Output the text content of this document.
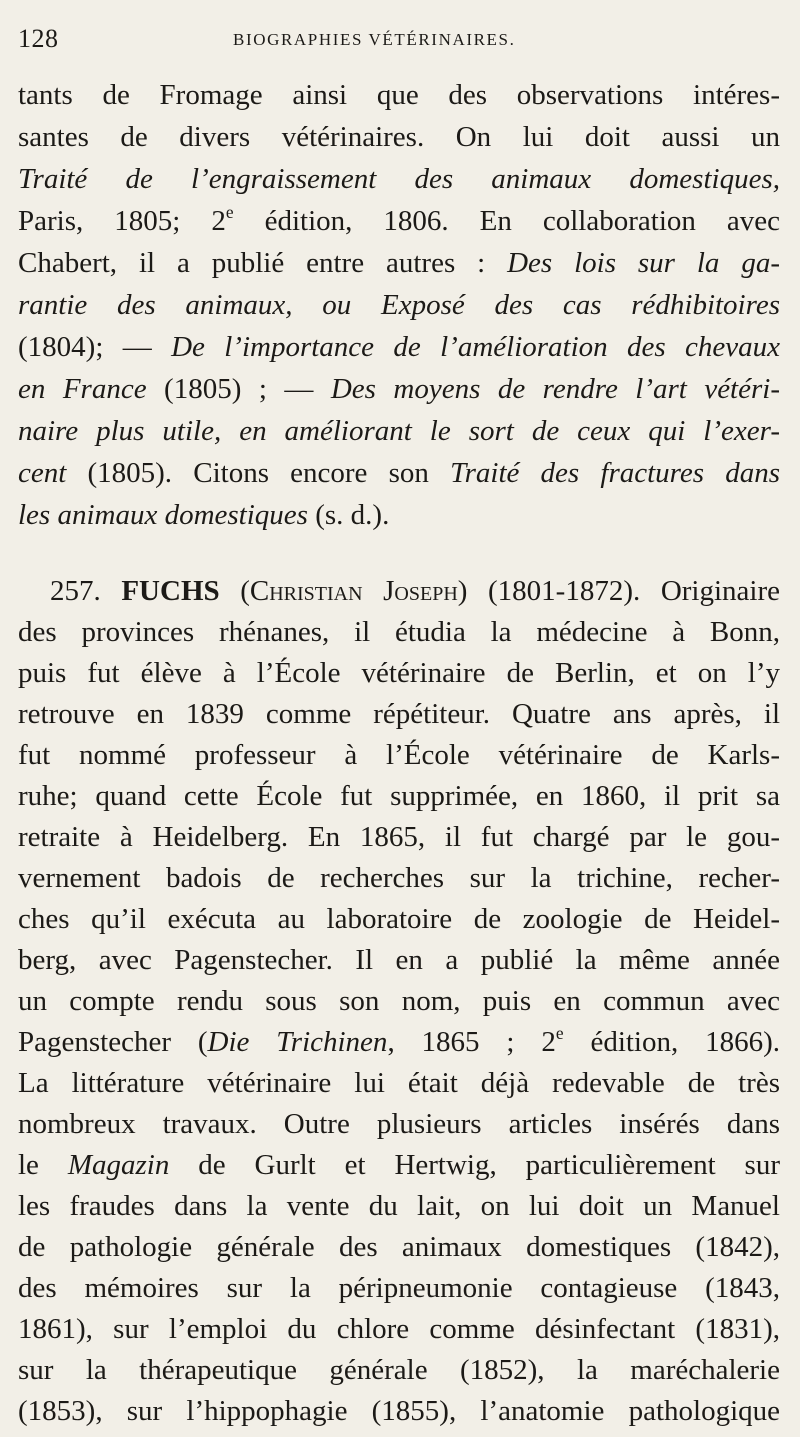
128	BIOGRAPHIES VÉTÉRINAIRES.
tants de Fromage ainsi que des observations intéres-
santes de divers vétérinaires. On lui doit aussi un
Traité de l’engraissement des animaux domestiques,
Paris, 1805; 2e édition, 1806. En collaboration avec
Chabert, il a publié entre autres : Des lois sur la ga-
rantie des animaux, ou Exposé des cas rédhibitoires
(1804); — De l’importance de l’amélioration des chevaux
en France (1805) ; — Des moyens de rendre l’art vétéri-
naire plus utile, en améliorant le sort de ceux qui l’exer-
cent (1805). Citons encore son Traité des fractures dans
les animaux domestiques (s. d.).
257. FUCHS (Christian Joseph) (1801-1872). Originaire
des provinces rhénanes, il étudia la médecine à Bonn,
puis fut élève à l’École vétérinaire de Berlin, et on l’y
retrouve en 1839 comme répétiteur. Quatre ans après, il
fut nommé professeur à l’École vétérinaire de Karls-
ruhe; quand cette École fut supprimée, en 1860, il prit sa
retraite à Heidelberg. En 1865, il fut chargé par le gou-
vernement badois de recherches sur la trichine, recher-
ches qu’il exécuta au laboratoire de zoologie de Heidel-
berg, avec Pagenstecher. Il en a publié la même année
un compte rendu sous son nom, puis en commun avec
Pagenstecher (Die Trichinen, 1865 ; 2e édition, 1866).
La littérature vétérinaire lui était déjà redevable de très
nombreux travaux. Outre plusieurs articles insérés dans
le Magazin de Gurlt et Hertwig, particulièrement sur
les fraudes dans la vente du lait, on lui doit un Manuel
de pathologie générale des animaux domestiques (1842),
des mémoires sur la péripneumonie contagieuse (1843,
1861), sur l’emploi du chlore comme désinfectant (1831),
sur la thérapeutique générale (1852), la maréchalerie
(1853), sur l’hippophagie (1855), l’anatomie pathologique
